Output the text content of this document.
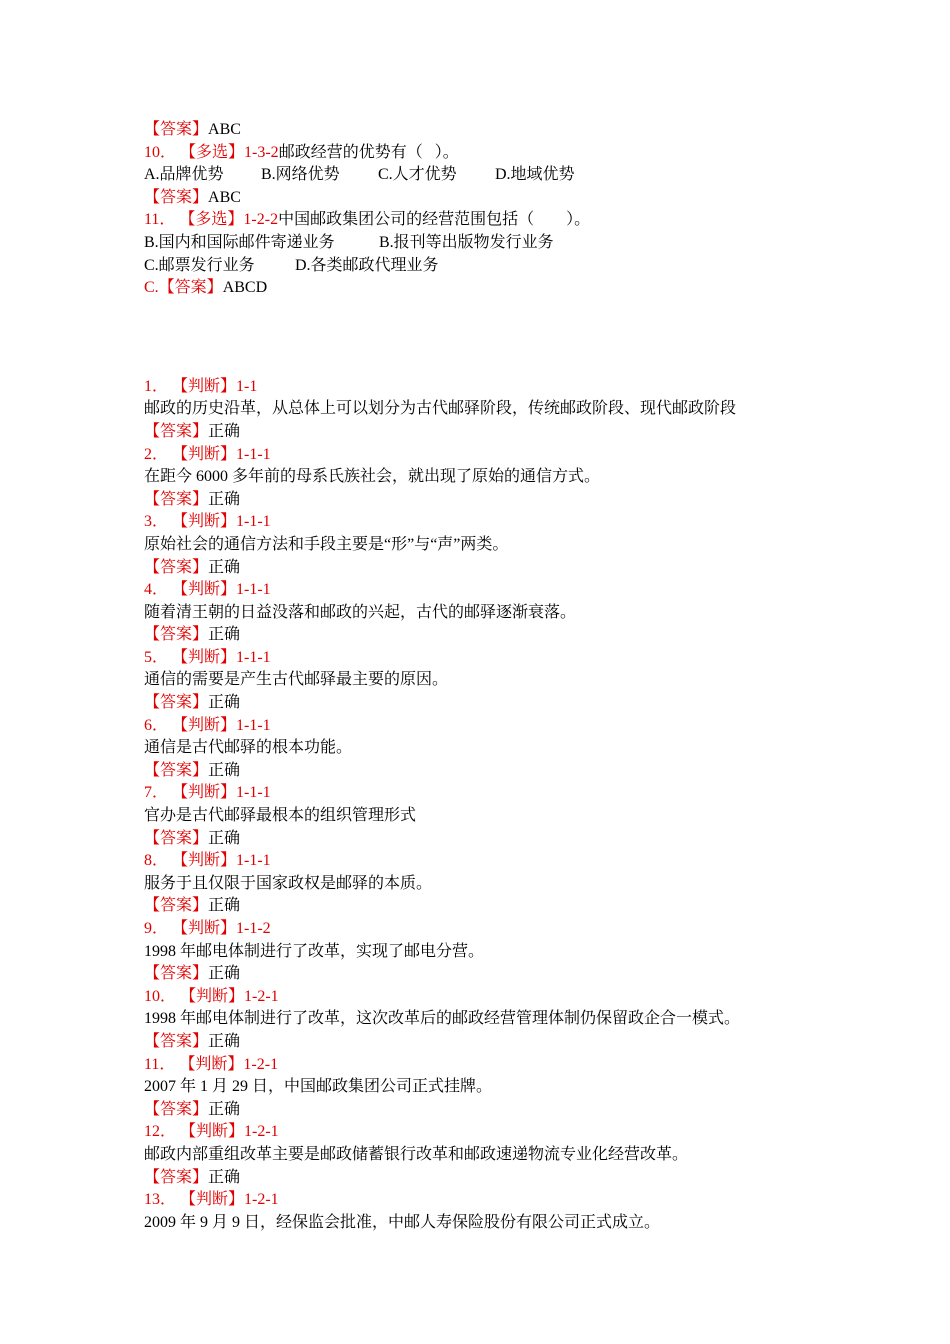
【答案】ABC
10． 【多选】1-3-2邮政经营的优势有（   ）。
A.品牌优势 B.网络优势 C.人才优势 D.地域优势
【答案】ABC
11． 【多选】1-2-2中国邮政集团公司的经营范围包括（        ）。
B.国内和国际邮件寄递业务	B.报刊等出版物发行业务
C.邮票发行业务	D.各类邮政代理业务
C.【答案】ABCD
1． 【判断】1-1
邮政的历史沿革，从总体上可以划分为古代邮驿阶段，传统邮政阶段、现代邮政阶段
【答案】正确
2． 【判断】1-1-1
在距今 6000 多年前的母系氏族社会，就出现了原始的通信方式。
【答案】正确
3． 【判断】1-1-1
原始社会的通信方法和手段主要是“形”与“声”两类。
【答案】正确
4． 【判断】1-1-1
随着清王朝的日益没落和邮政的兴起，古代的邮驿逐渐衰落。
【答案】正确
5． 【判断】1-1-1
通信的需要是产生古代邮驿最主要的原因。
【答案】正确
6． 【判断】1-1-1
通信是古代邮驿的根本功能。
【答案】正确
7． 【判断】1-1-1
官办是古代邮驿最根本的组织管理形式
【答案】正确
8． 【判断】1-1-1
服务于且仅限于国家政权是邮驿的本质。
【答案】正确
9． 【判断】1-1-2
1998 年邮电体制进行了改革，实现了邮电分营。
【答案】正确
10． 【判断】1-2-1
1998 年邮电体制进行了改革，这次改革后的邮政经营管理体制仍保留政企合一模式。
【答案】正确
11． 【判断】1-2-1
2007 年 1 月 29 日，中国邮政集团公司正式挂牌。
【答案】正确
12． 【判断】1-2-1
邮政内部重组改革主要是邮政储蓄银行改革和邮政速递物流专业化经营改革。
【答案】正确
13． 【判断】1-2-1
2009 年 9 月 9 日，经保监会批准，中邮人寿保险股份有限公司正式成立。
